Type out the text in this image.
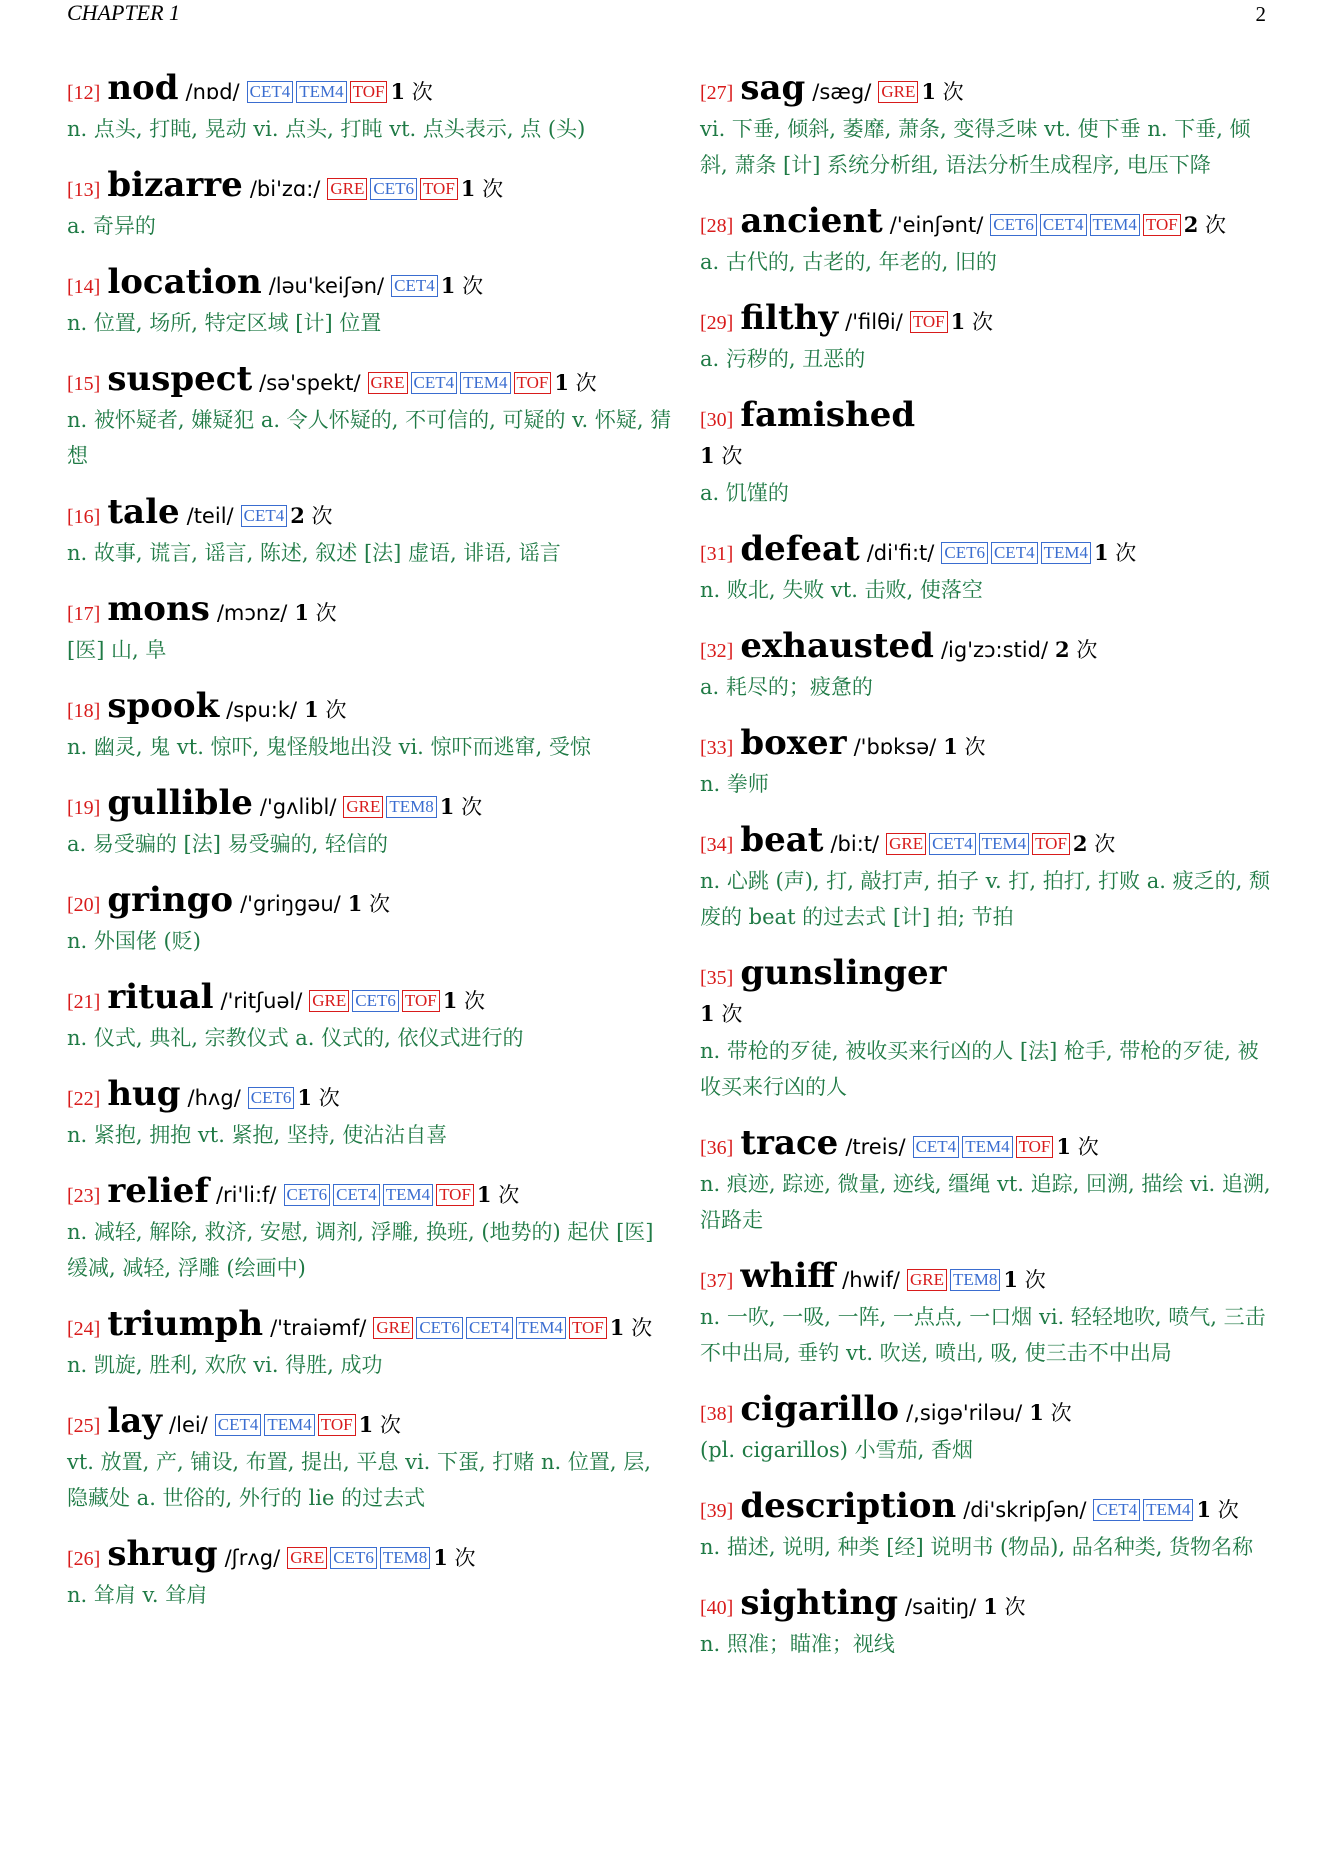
CHAPTER 1	2
[12] nod /nɒd/ CET4 TEM4 TOF 1 次
n. 点头, 打盹, 晃动 vi. 点头, 打盹 vt. 点头表示, 点 (头)
[13] bizarre /bi'zɑ:/ GRE CET6 TOF 1 次
a. 奇异的
[14] location /ləu'keiʃən/ CET4 1 次
n. 位置, 场所, 特定区域 [计] 位置
[15] suspect /sə'spekt/ GRE CET4 TEM4 TOF 1 次
n. 被怀疑者, 嫌疑犯 a. 令人怀疑的, 不可信的, 可疑的 v. 怀疑, 猜想
[16] tale /teil/ CET4 2 次
n. 故事, 谎言, 谣言, 陈述, 叙述 [法] 虚语, 诽语, 谣言
[17] mons /mɔnz/ 1 次
[医] 山, 阜
[18] spook /spu:k/ 1 次
n. 幽灵, 鬼 vt. 惊吓, 鬼怪般地出没 vi. 惊吓而逃窜, 受惊
[19] gullible /'gʌlibl/ GRE TEM8 1 次
a. 易受骗的 [法] 易受骗的, 轻信的
[20] gringo /'griŋgəu/ 1 次
n. 外国佬 (贬)
[21] ritual /'ritʃuəl/ GRE CET6 TOF 1 次
n. 仪式, 典礼, 宗教仪式 a. 仪式的, 依仪式进行的
[22] hug /hʌg/ CET6 1 次
n. 紧抱, 拥抱 vt. 紧抱, 坚持, 使沾沾自喜
[23] relief /ri'li:f/ CET6 CET4 TEM4 TOF 1 次
n. 减轻, 解除, 救济, 安慰, 调剂, 浮雕, 换班, (地势的) 起伏 [医] 缓减, 减轻, 浮雕 (绘画中)
[24] triumph /'traiəmf/ GRE CET6 CET4 TEM4 TOF 1 次
n. 凯旋, 胜利, 欢欣 vi. 得胜, 成功
[25] lay /lei/ CET4 TEM4 TOF 1 次
vt. 放置, 产, 铺设, 布置, 提出, 平息 vi. 下蛋, 打赌 n. 位置, 层, 隐藏处 a. 世俗的, 外行的 lie 的过去式
[26] shrug /ʃrʌg/ GRE CET6 TEM8 1 次
n. 耸肩 v. 耸肩
[27] sag /sæg/ GRE 1 次
vi. 下垂, 倾斜, 萎靡, 萧条, 变得乏味 vt. 使下垂 n. 下垂, 倾斜, 萧条 [计] 系统分析组, 语法分析生成程序, 电压下降
[28] ancient /'einʃənt/ CET6 CET4 TEM4 TOF 2 次
a. 古代的, 古老的, 年老的, 旧的
[29] filthy /'filθi/ TOF 1 次
a. 污秽的, 丑恶的
[30] famished
1 次
a. 饥馑的
[31] defeat /di'fi:t/ CET6 CET4 TEM4 1 次
n. 败北, 失败 vt. 击败, 使落空
[32] exhausted /ig'zɔ:stid/ 2 次
a. 耗尽的；疲惫的
[33] boxer /'bɒksə/ 1 次
n. 拳师
[34] beat /bi:t/ GRE CET4 TEM4 TOF 2 次
n. 心跳 (声), 打, 敲打声, 拍子 v. 打, 拍打, 打败 a. 疲乏的, 颓废的 beat 的过去式 [计] 拍; 节拍
[35] gunslinger
1 次
n. 带枪的歹徒, 被收买来行凶的人 [法] 枪手, 带枪的歹徒, 被收买来行凶的人
[36] trace /treis/ CET4 TEM4 TOF 1 次
n. 痕迹, 踪迹, 微量, 迹线, 缰绳 vt. 追踪, 回溯, 描绘 vi. 追溯, 沿路走
[37] whiff /hwif/ GRE TEM8 1 次
n. 一吹, 一吸, 一阵, 一点点, 一口烟 vi. 轻轻地吹, 喷气, 三击不中出局, 垂钓 vt. 吹送, 喷出, 吸, 使三击不中出局
[38] cigarillo /,sigə'riləu/ 1 次
(pl. cigarillos) 小雪茄, 香烟
[39] description /di'skripʃən/ CET4 TEM4 1 次
n. 描述, 说明, 种类 [经] 说明书 (物品), 品名种类, 货物名称
[40] sighting /saitiŋ/ 1 次
n. 照准；瞄准；视线
